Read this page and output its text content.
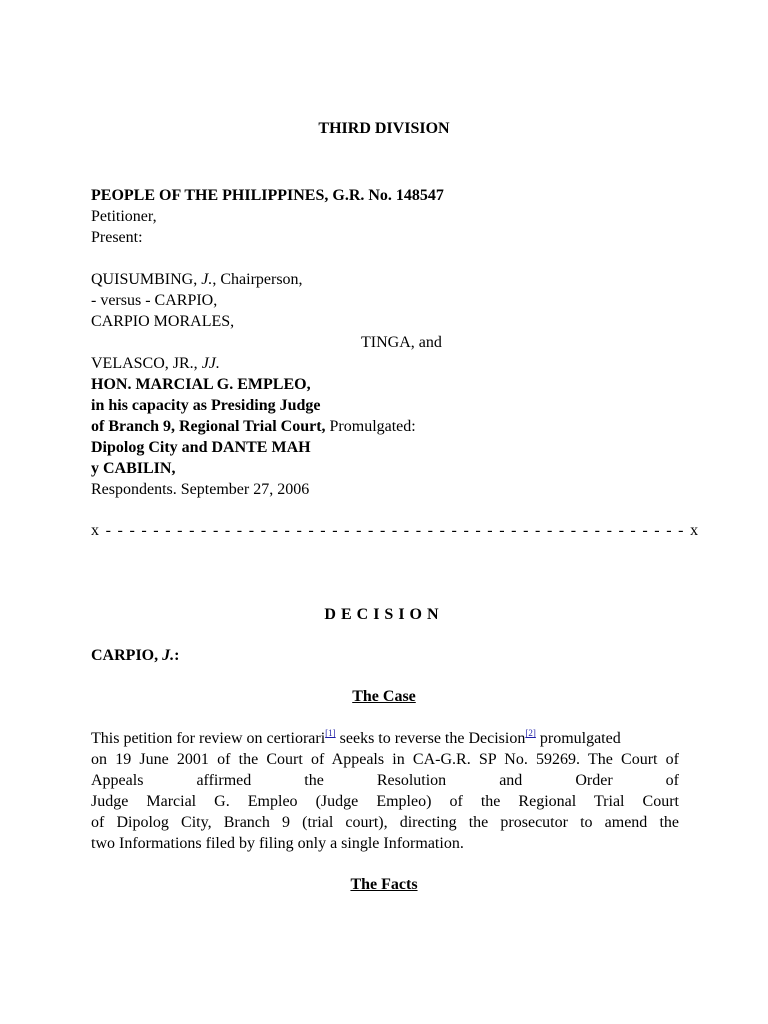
THIRD DIVISION
PEOPLE OF THE PHILIPPINES, G.R. No. 148547
Petitioner,
Present:
QUISUMBING, J., Chairperson,
- versus - CARPIO,
CARPIO MORALES,
TINGA, and
VELASCO, JR., JJ.
HON. MARCIAL G. EMPLEO,
in his capacity as Presiding Judge
of Branch 9, Regional Trial Court, Promulgated:
Dipolog City and DANTE MAH
y CABILIN,
Respondents. September 27, 2006
x - - - - - - - - - - - - - - - - - - - - - - - - - - - - - - - - - - - - - - - - - - - - - - - - - x
DECISION
CARPIO, J.:
The Case
This petition for review on certiorari[1] seeks to reverse the Decision[2] promulgated
on 19 June 2001 of the Court of Appeals in CA-G.R. SP No. 59269. The Court of
Appeals affirmed the Resolution and Order of
Judge Marcial G. Empleo (Judge Empleo) of the Regional Trial Court
of Dipolog City, Branch 9 (trial court), directing the prosecutor to amend the
two Informations filed by filing only a single Information.
The Facts
